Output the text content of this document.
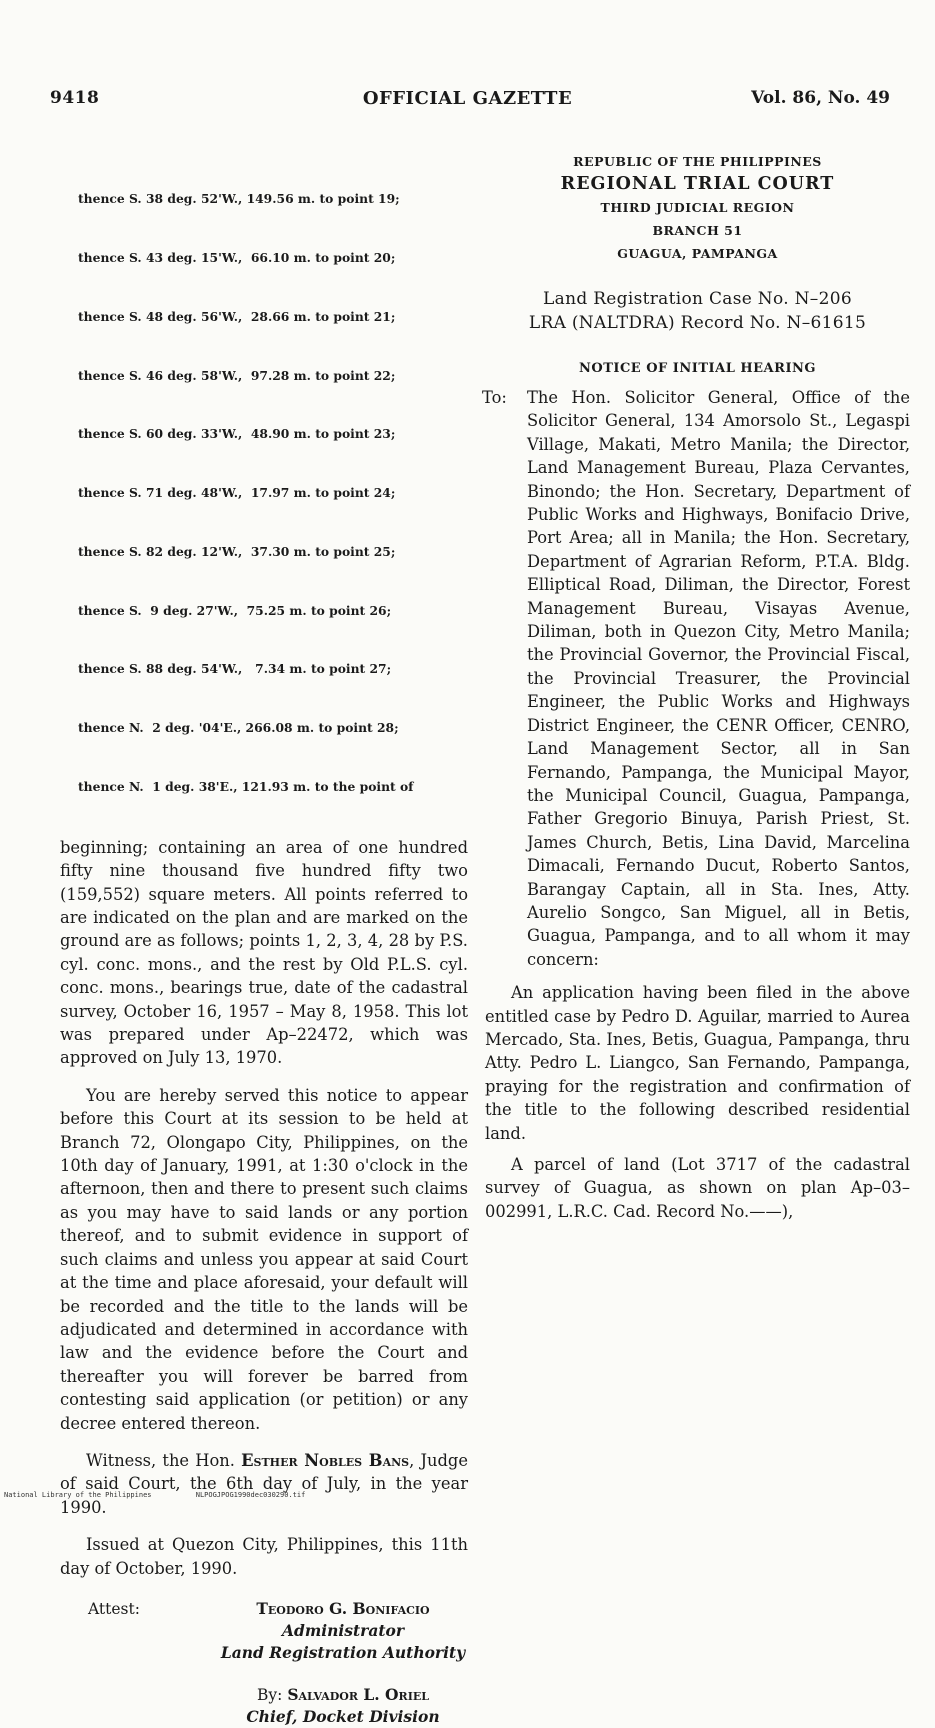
9418	OFFICIAL GAZETTE	Vol. 86, No. 49

thence S. 38 deg. 52'W., 149.56 m. to point 19;

thence S. 43 deg. 15'W.,  66.10 m. to point 20;

thence S. 48 deg. 56'W.,  28.66 m. to point 21;

thence S. 46 deg. 58'W.,  97.28 m. to point 22;

thence S. 60 deg. 33'W.,  48.90 m. to point 23;

thence S. 71 deg. 48'W.,  17.97 m. to point 24;

thence S. 82 deg. 12'W.,  37.30 m. to point 25;

thence S.  9 deg. 27'W.,  75.25 m. to point 26;

thence S. 88 deg. 54'W.,   7.34 m. to point 27;

thence N.  2 deg. '04'E., 266.08 m. to point 28;

thence N.  1 deg. 38'E., 121.93 m. to the point of

beginning; containing an area of one hundred fifty nine thousand five hundred fifty two (159,552) square meters. All points referred to are indicated on the plan and are marked on the ground are as follows; points 1, 2, 3, 4, 28 by P.S. cyl. conc. mons., and the rest by Old P.L.S. cyl. conc. mons., bearings true, date of the cadastral survey, October 16, 1957 – May 8, 1958. This lot was prepared under Ap–22472, which was approved on July 13, 1970.

You are hereby served this notice to appear before this Court at its session to be held at Branch 72, Olongapo City, Philippines, on the 10th day of January, 1991, at 1:30 o'clock in the afternoon, then and there to present such claims as you may have to said lands or any portion thereof, and to submit evidence in support of such claims and unless you appear at said Court at the time and place aforesaid, your default will be recorded and the title to the lands will be adjudicated and determined in accordance with law and the evidence before the Court and thereafter you will forever be barred from contesting said application (or petition) or any decree entered thereon.

Witness, the Hon. Esther Nobles Bans, Judge of said Court, the 6th day of July, in the year 1990.

Issued at Quezon City, Philippines, this 11th day of October, 1990.

Attest:	Teodoro G. Bonifacio
Administrator
Land Registration Authority
By: Salvador L. Oriel
Chief, Docket Division
REPUBLIC OF THE PHILIPPINES
REGIONAL TRIAL COURT
THIRD JUDICIAL REGION
BRANCH 51
GUAGUA, PAMPANGA
Land Registration Case No. N–206
LRA (NALTDRA) Record No. N–61615
NOTICE OF INITIAL HEARING
To: The Hon. Solicitor General, Office of the Solicitor General, 134 Amorsolo St., Legaspi Village, Makati, Metro Manila; the Director, Land Management Bureau, Plaza Cervantes, Binondo; the Hon. Secretary, Department of Public Works and Highways, Bonifacio Drive, Port Area; all in Manila; the Hon. Secretary, Department of Agrarian Reform, P.T.A. Bldg. Elliptical Road, Diliman, the Director, Forest Management Bureau, Visayas Avenue, Diliman, both in Quezon City, Metro Manila; the Provincial Governor, the Provincial Fiscal, the Provincial Treasurer, the Provincial Engineer, the Public Works and Highways District Engineer, the CENR Officer, CENRO, Land Management Sector, all in San Fernando, Pampanga, the Municipal Mayor, the Municipal Council, Guagua, Pampanga, Father Gregorio Binuya, Parish Priest, St. James Church, Betis, Lina David, Marcelina Dimacali, Fernando Ducut, Roberto Santos, Barangay Captain, all in Sta. Ines, Atty. Aurelio Songco, San Miguel, all in Betis, Guagua, Pampanga, and to all whom it may concern:

An application having been filed in the above entitled case by Pedro D. Aguilar, married to Aurea Mercado, Sta. Ines, Betis, Guagua, Pampanga, thru Atty. Pedro L. Liangco, San Fernando, Pampanga, praying for the registration and confirmation of the title to the following described residential land.

A parcel of land (Lot 3717 of the cadastral survey of Guagua, as shown on plan Ap–03–002991, L.R.C. Cad. Record No.——),

National Library of the Philippines	NLPOGJPOG1990dec030290.tif
